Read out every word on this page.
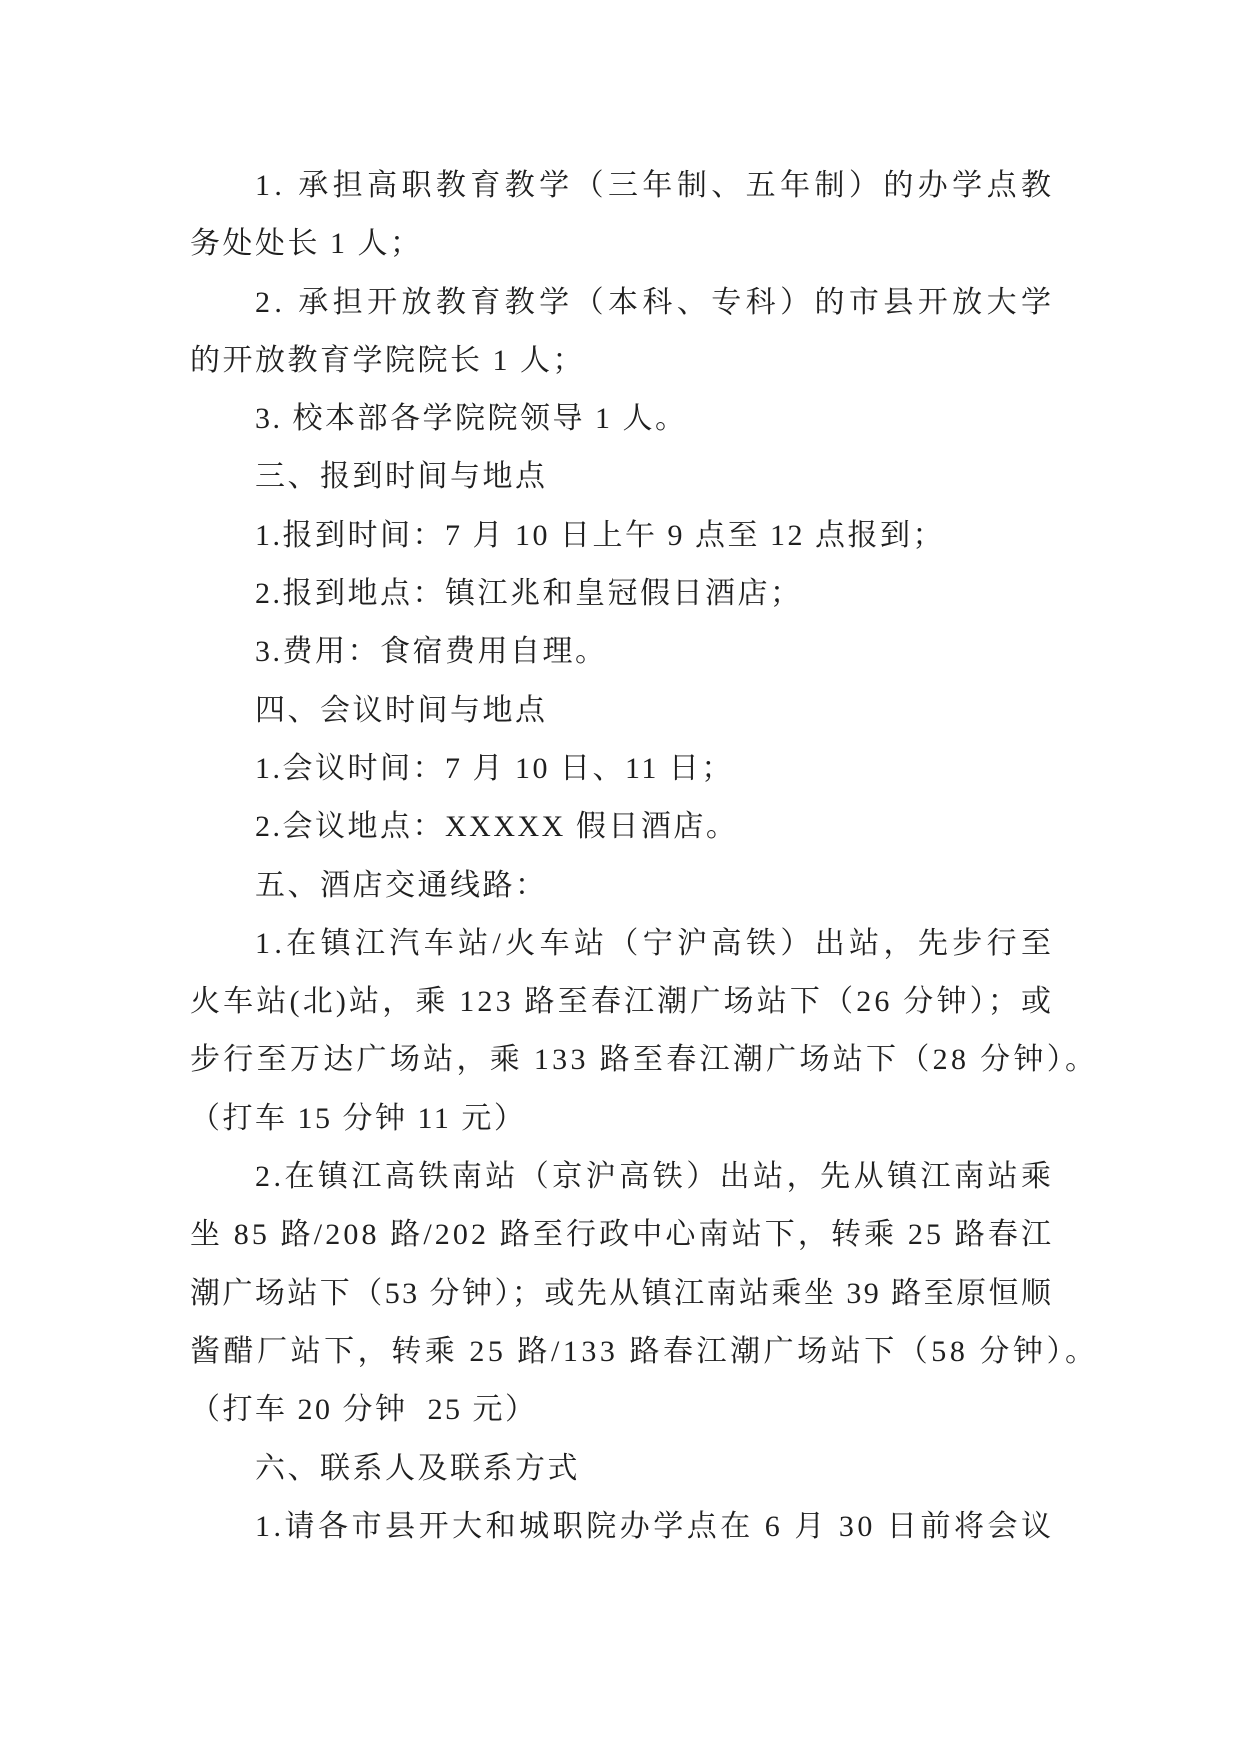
1. 承担高职教育教学（三年制、五年制）的办学点教
务处处长 1 人；
2. 承担开放教育教学（本科、专科）的市县开放大学
的开放教育学院院长 1 人；
3. 校本部各学院院领导 1 人。
三、报到时间与地点
1.报到时间：7 月 10 日上午 9 点至 12 点报到；
2.报到地点：镇江兆和皇冠假日酒店；
3.费用：食宿费用自理。
四、会议时间与地点
1.会议时间：7 月 10 日、11 日；
2.会议地点：XXXXX 假日酒店。
五、酒店交通线路：
1.在镇江汽车站/火车站（宁沪高铁）出站，先步行至
火车站(北)站，乘 123 路至春江潮广场站下（26 分钟）；或
步行至万达广场站，乘 133 路至春江潮广场站下（28 分钟）。
（打车 15 分钟 11 元）
2.在镇江高铁南站（京沪高铁）出站，先从镇江南站乘
坐 85 路/208 路/202 路至行政中心南站下，转乘 25 路春江
潮广场站下（53 分钟）；或先从镇江南站乘坐 39 路至原恒顺
酱醋厂站下，转乘 25 路/133 路春江潮广场站下（58 分钟）。
（打车 20 分钟  25 元）
六、联系人及联系方式
1.请各市县开大和城职院办学点在 6 月 30 日前将会议
